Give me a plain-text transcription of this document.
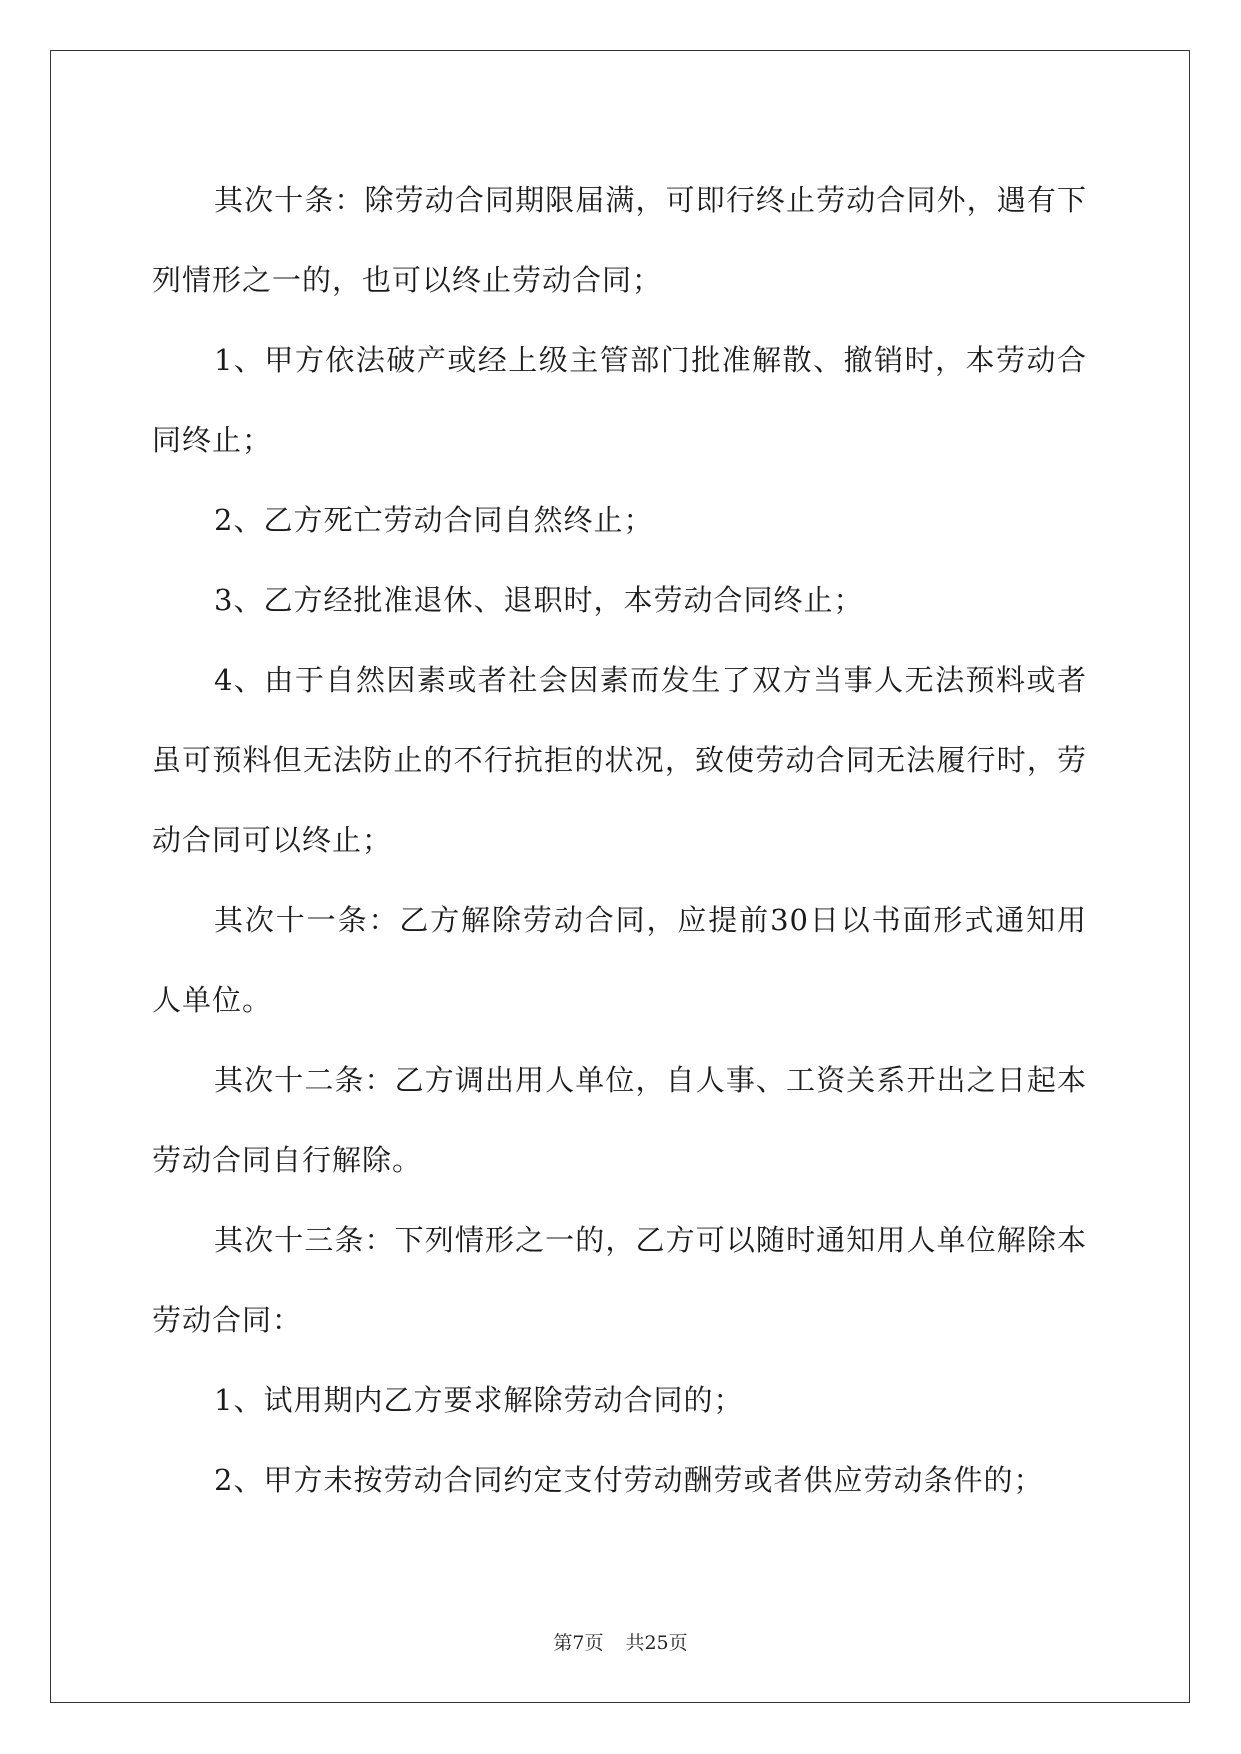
其次十条：除劳动合同期限届满，可即行终止劳动合同外，遇有下列情形之一的，也可以终止劳动合同；

1、甲方依法破产或经上级主管部门批准解散、撤销时，本劳动合同终止；

2、乙方死亡劳动合同自然终止；

3、乙方经批准退休、退职时，本劳动合同终止；

4、由于自然因素或者社会因素而发生了双方当事人无法预料或者虽可预料但无法防止的不行抗拒的状况，致使劳动合同无法履行时，劳动合同可以终止；

其次十一条：乙方解除劳动合同，应提前30日以书面形式通知用人单位。

其次十二条：乙方调出用人单位，自人事、工资关系开出之日起本劳动合同自行解除。

其次十三条：下列情形之一的，乙方可以随时通知用人单位解除本劳动合同：

1、试用期内乙方要求解除劳动合同的；

2、甲方未按劳动合同约定支付劳动酬劳或者供应劳动条件的；

第7页 共25页
